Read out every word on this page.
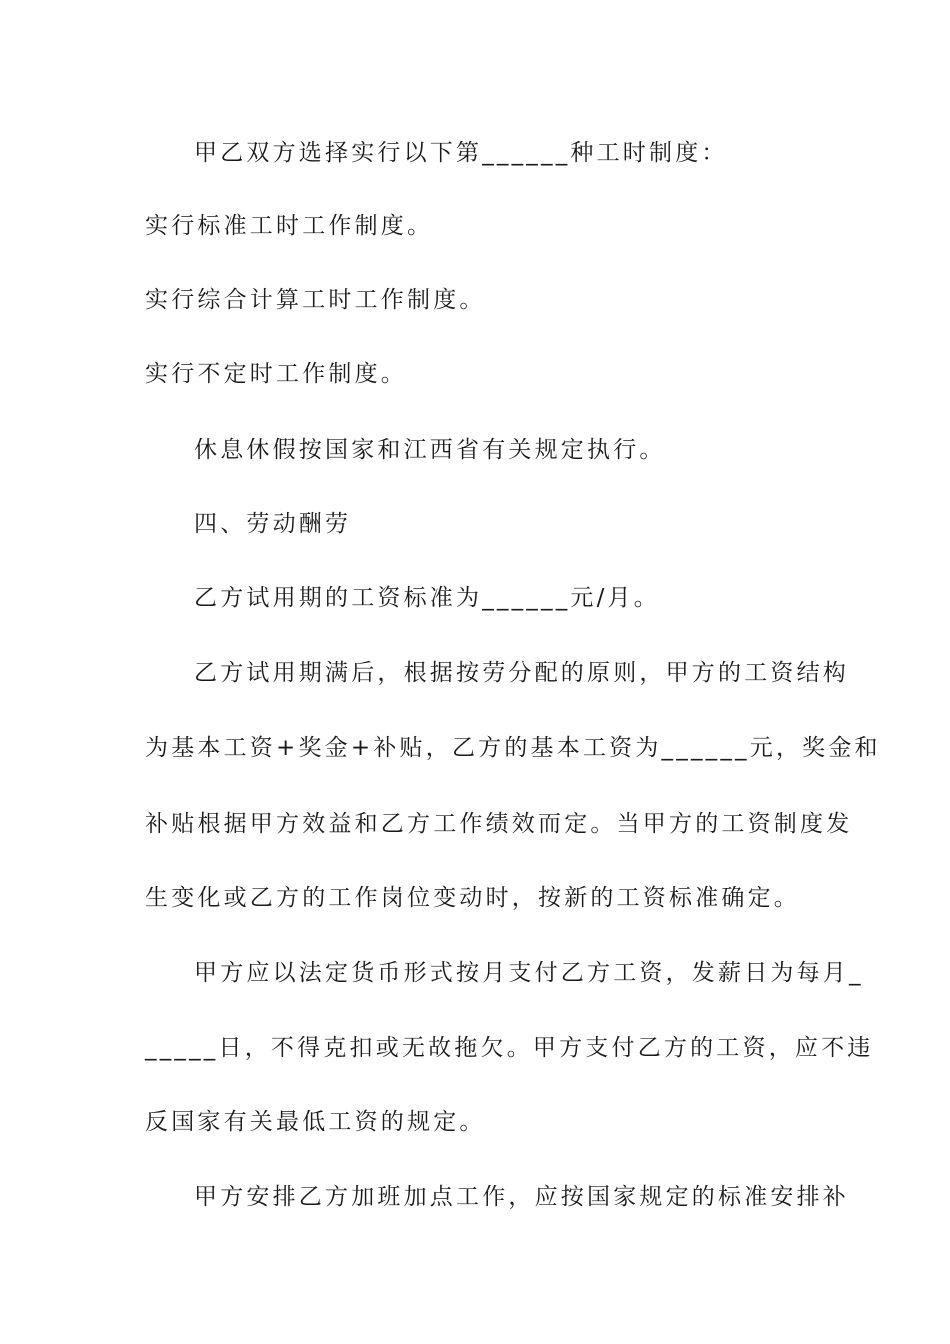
甲乙双方选择实行以下第______种工时制度：
实行标准工时工作制度。
实行综合计算工时工作制度。
实行不定时工作制度。
休息休假按国家和江西省有关规定执行。
四、劳动酬劳
乙方试用期的工资标准为______元/月。
乙方试用期满后，根据按劳分配的原则，甲方的工资结构
为基本工资+奖金+补贴，乙方的基本工资为______元，奖金和
补贴根据甲方效益和乙方工作绩效而定。当甲方的工资制度发
生变化或乙方的工作岗位变动时，按新的工资标准确定。
甲方应以法定货币形式按月支付乙方工资，发薪日为每月_
_____日，不得克扣或无故拖欠。甲方支付乙方的工资，应不违
反国家有关最低工资的规定。
甲方安排乙方加班加点工作，应按国家规定的标准安排补
